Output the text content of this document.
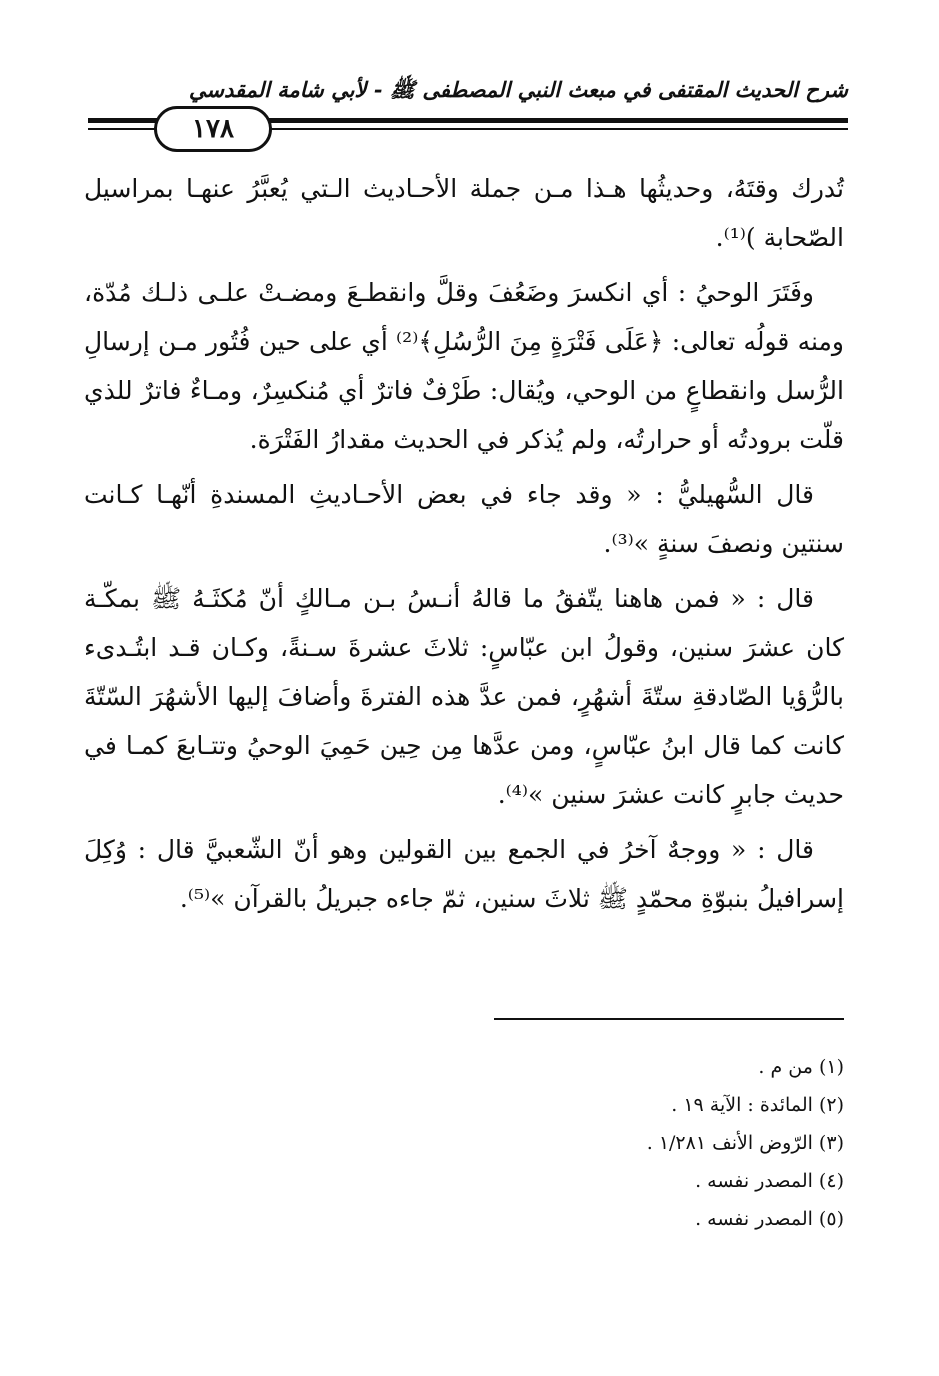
شرح الحديث المقتفى في مبعث النبي المصطفى ﷺ - لأبي شامة المقدسي
١٧٨

تُدرك وقتَهُ، وحديثُها هـذا مـن جملة الأحـاديث الـتي يُعبَّرُ عنهـا بمراسيل الصّحابة )⁽¹⁾.

وفَتَرَ الوحيُ : أي انكسرَ وضَعُفَ وقلَّ وانقطـعَ ومضـتْ علـى ذلـك مُدّة، ومنه قولُه تعالى: ﴿عَلَى فَتْرَةٍ مِنَ الرُّسُلِ﴾⁽²⁾ أي على حين فُتُور مـن إرسالِ الرُّسل وانقطاعٍ من الوحي، ويُقال: طَرْفٌ فاترٌ أي مُنكسِرٌ، ومـاءٌ فاترٌ للذي قلّت برودتُه أو حرارتُه، ولم يُذكر في الحديث مقدارُ الفَتْرَة.

قال السُّهيليُّ : « وقد جاء في بعض الأحـاديثِ المسندةِ أنّهـا كـانت سنتين ونصفَ سنةٍ »⁽³⁾.

قال : « فمن هاهنا يتّفقُ ما قالهُ أنـسُ بـن مـالكٍ أنّ مُكثَـهُ ﷺ بمكّـة كان عشرَ سنين، وقولُ ابن عبّاسٍ: ثلاثَ عشرةَ سـنةً، وكـان قـد ابتُـدىء بالرُّؤيا الصّادقةِ ستّةَ أشهُرٍ، فمن عدَّ هذه الفترةَ وأضافَ إليها الأشهُرَ السّتّةَ كانت كما قال ابنُ عبّاسٍ، ومن عدَّها مِن حِين حَمِيَ الوحيُ وتتـابعَ كمـا في حديث جابرٍ كانت عشرَ سنين »⁽⁴⁾.

قال : « ووجهٌ آخرُ في الجمع بين القولين وهو أنّ الشّعبيَّ قال : وُكِلَ إسرافيلُ بنبوّةِ محمّدٍ ﷺ ثلاثَ سنين، ثمّ جاءه جبريلُ بالقرآن »⁽⁵⁾.

(١) من م .
(٢) المائدة : الآية ١٩ .
(٣) الرّوض الأنف ١/٢٨١ .
(٤) المصدر نفسه .
(٥) المصدر نفسه .
